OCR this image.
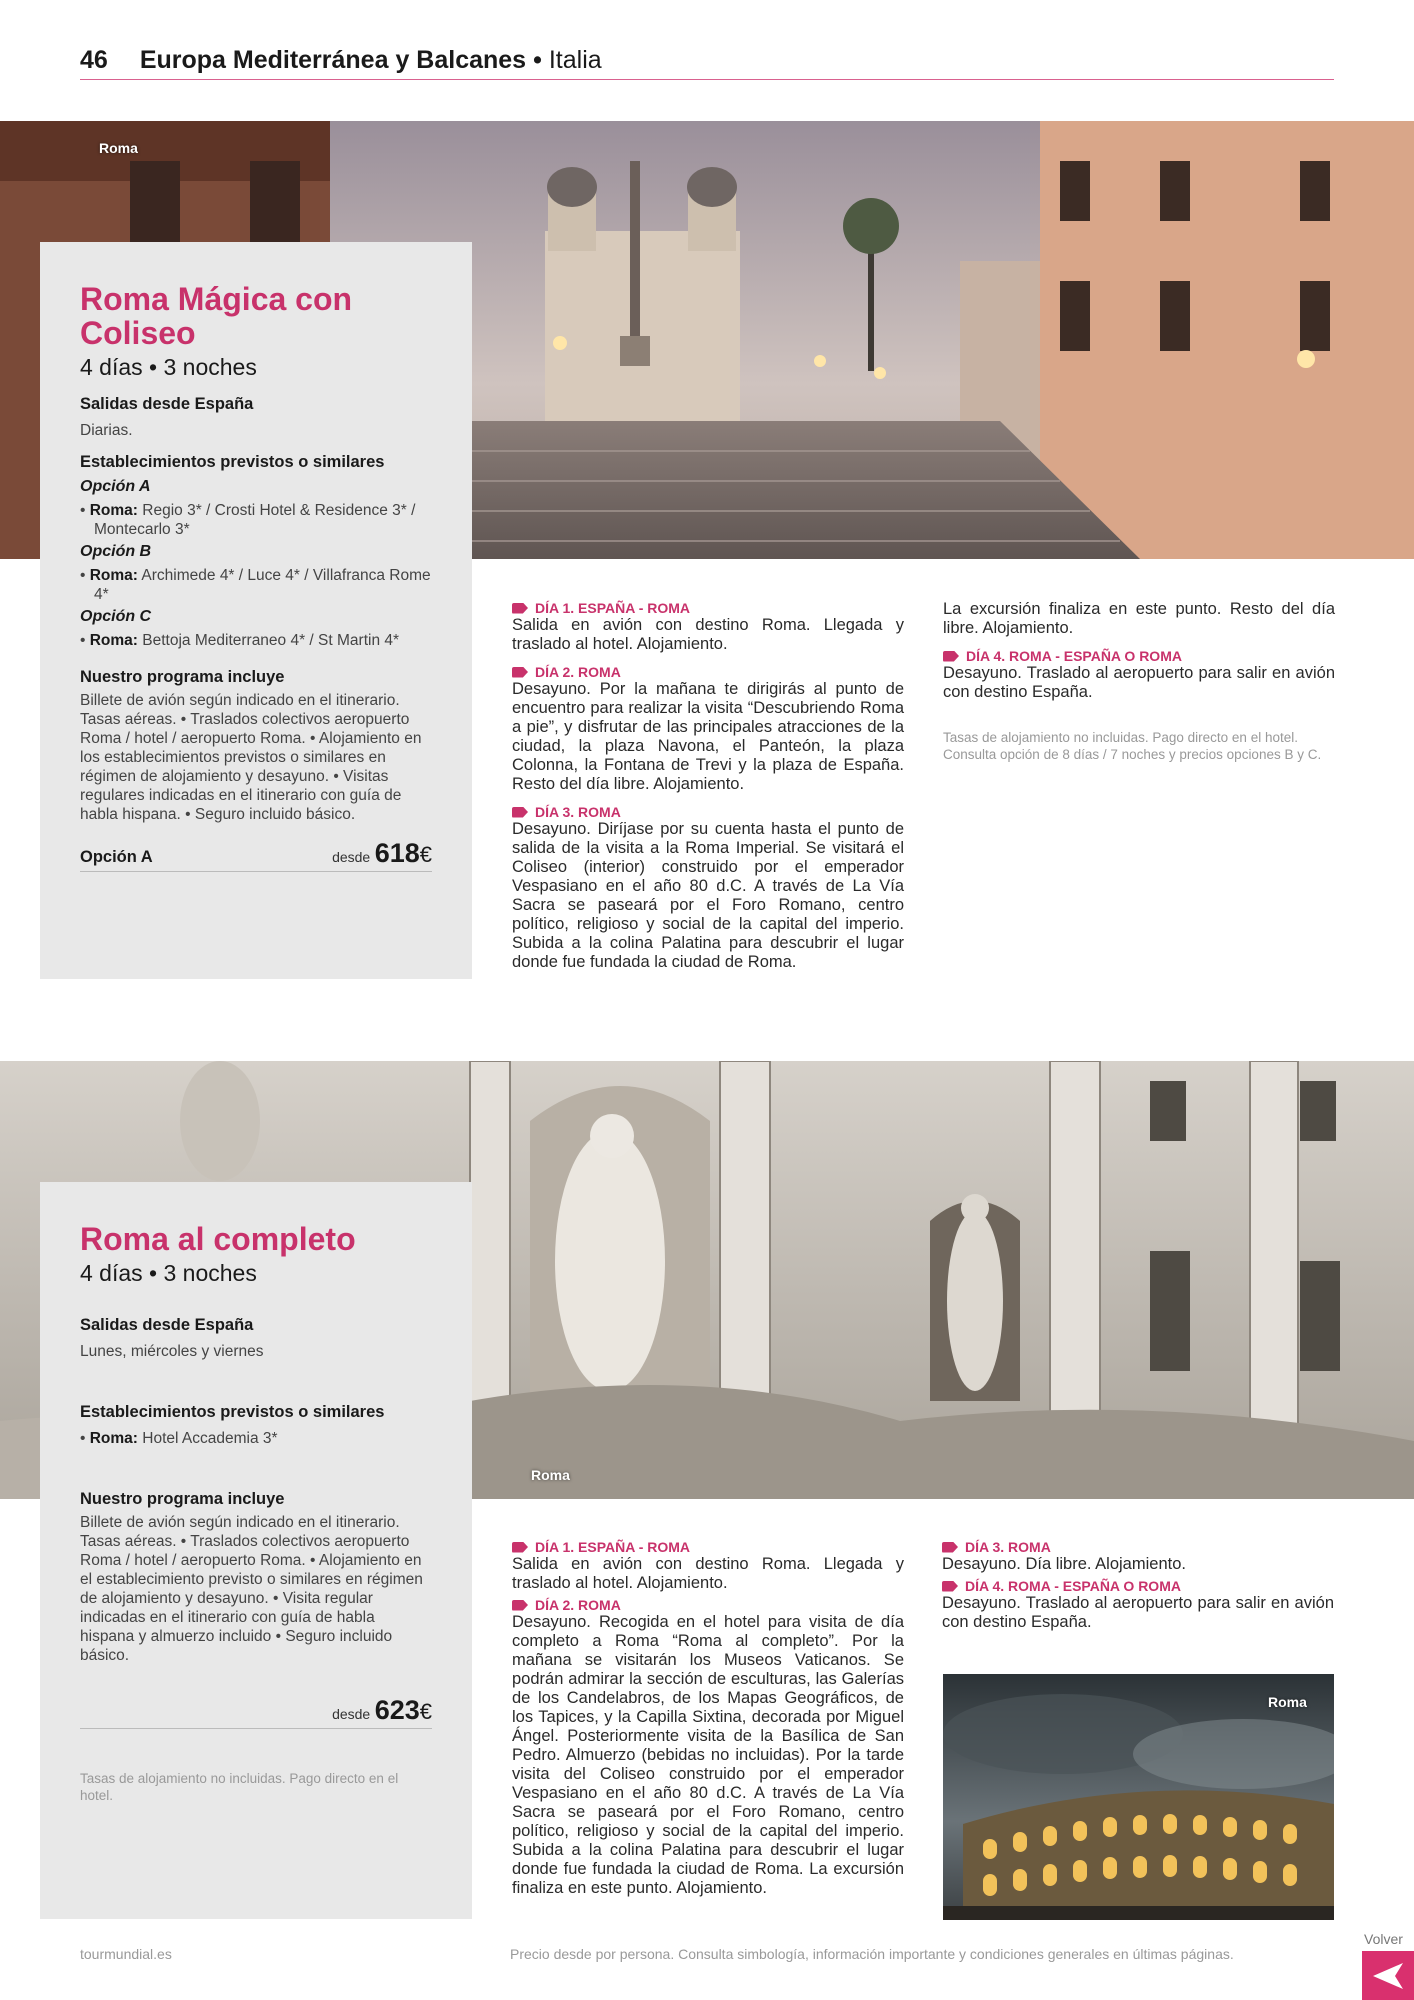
46 Europa Mediterránea y Balcanes • Italia
Roma
Roma Mágica con Coliseo
4 días • 3 noches
Salidas desde España
Diarias.
Establecimientos previstos o similares
Opción A
• Roma: Regio 3* / Crosti Hotel & Residence 3* / Montecarlo 3*
Opción B
• Roma: Archimede 4* / Luce 4* / Villafranca Rome 4*
Opción C
• Roma: Bettoja Mediterraneo 4* / St Martin 4*
Nuestro programa incluye
Billete de avión según indicado en el itinerario. Tasas aéreas. • Traslados colectivos aeropuerto Roma / hotel / aeropuerto Roma. • Alojamiento en los establecimientos previstos o similares en régimen de alojamiento y desayuno. • Visitas regulares indicadas en el itinerario con guía de habla hispana. • Seguro incluido básico.
Opción A	desde 618€
DÍA 1. ESPAÑA - ROMA
Salida en avión con destino Roma. Llegada y traslado al hotel. Alojamiento.
DÍA 2. ROMA
Desayuno. Por la mañana te dirigirás al punto de encuentro para realizar la visita “Descubriendo Roma a pie”, y disfrutar de las principales atracciones de la ciudad, la plaza Navona, el Panteón, la plaza Colonna, la Fontana de Trevi y la plaza de España. Resto del día libre. Alojamiento.
DÍA 3. ROMA
Desayuno. Diríjase por su cuenta hasta el punto de salida de la visita a la Roma Imperial. Se visitará el Coliseo (interior) construido por el emperador Vespasiano en el año 80 d.C. A través de La Vía Sacra se paseará por el Foro Romano, centro político, religioso y social de la capital del imperio. Subida a la colina Palatina para descubrir el lugar donde fue fundada la ciudad de Roma.
La excursión finaliza en este punto. Resto del día libre. Alojamiento.
DÍA 4. ROMA - ESPAÑA O ROMA
Desayuno. Traslado al aeropuerto para salir en avión con destino España.
Tasas de alojamiento no incluidas. Pago directo en el hotel. Consulta opción de 8 días / 7 noches y precios opciones B y C.
Roma
Roma al completo
4 días • 3 noches
Salidas desde España
Lunes, miércoles y viernes
Establecimientos previstos o similares
• Roma: Hotel Accademia 3*
Nuestro programa incluye
Billete de avión según indicado en el itinerario. Tasas aéreas. • Traslados colectivos aeropuerto Roma / hotel / aeropuerto Roma. • Alojamiento en el establecimiento previsto o similares en régimen de alojamiento y desayuno. • Visita regular indicadas en el itinerario con guía de habla hispana y almuerzo incluido • Seguro incluido básico.
desde 623€
Tasas de alojamiento no incluidas. Pago directo en el hotel.
DÍA 1. ESPAÑA - ROMA
Salida en avión con destino Roma. Llegada y traslado al hotel. Alojamiento.
DÍA 2. ROMA
Desayuno. Recogida en el hotel para visita de día completo a Roma “Roma al completo”. Por la mañana se visitarán los Museos Vaticanos. Se podrán admirar la sección de esculturas, las Galerías de los Candelabros, de los Mapas Geográficos, de los Tapices, y la Capilla Sixtina, decorada por Miguel Ángel. Posteriormente visita de la Basílica de San Pedro. Almuerzo (bebidas no incluidas). Por la tarde visita del Coliseo construido por el emperador Vespasiano en el año 80 d.C. A través de La Vía Sacra se paseará por el Foro Romano, centro político, religioso y social de la capital del imperio. Subida a la colina Palatina para descubrir el lugar donde fue fundada la ciudad de Roma. La excursión finaliza en este punto. Alojamiento.
DÍA 3. ROMA
Desayuno. Día libre. Alojamiento.
DÍA 4. ROMA - ESPAÑA O ROMA
Desayuno. Traslado al aeropuerto para salir en avión con destino España.
Roma
tourmundial.es	Precio desde por persona. Consulta simbología, información importante y condiciones generales en últimas páginas.
Volver
